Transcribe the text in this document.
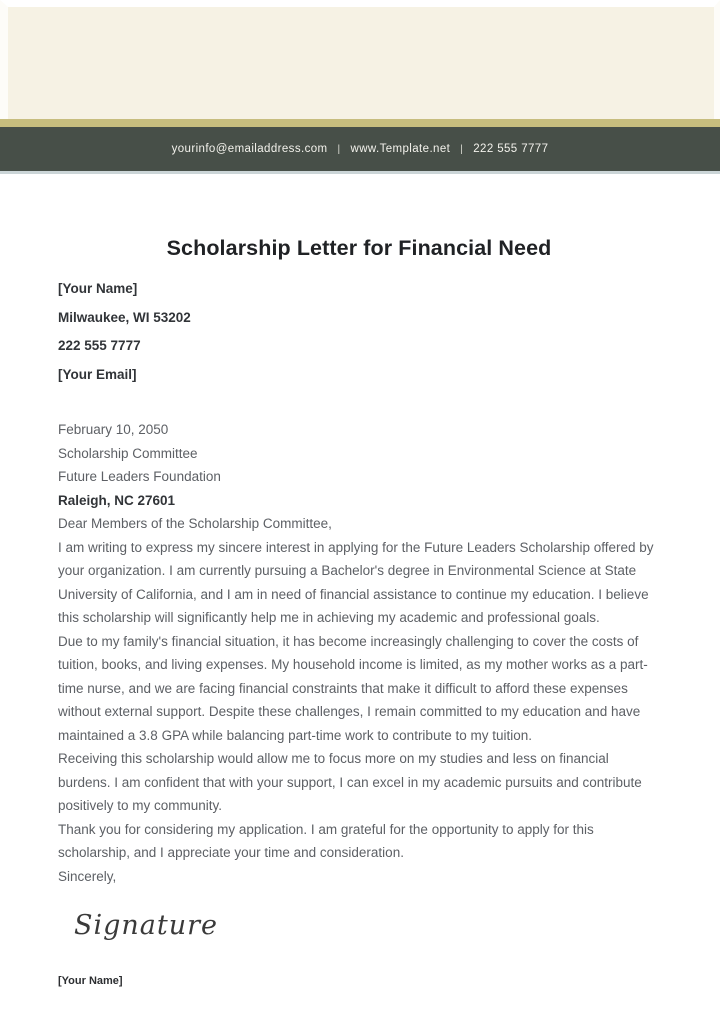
yourinfo@emailaddress.com | www.Template.net | 222 555 7777
Scholarship Letter for Financial Need

[Your Name]

Milwaukee, WI 53202

222 555 7777

[Your Email]

February 10, 2050

Scholarship Committee

Future Leaders Foundation

Raleigh, NC 27601

Dear Members of the Scholarship Committee,

I am writing to express my sincere interest in applying for the Future Leaders Scholarship offered by your organization. I am currently pursuing a Bachelor's degree in Environmental Science at State University of California, and I am in need of financial assistance to continue my education. I believe this scholarship will significantly help me in achieving my academic and professional goals.

Due to my family's financial situation, it has become increasingly challenging to cover the costs of tuition, books, and living expenses. My household income is limited, as my mother works as a part-time nurse, and we are facing financial constraints that make it difficult to afford these expenses without external support. Despite these challenges, I remain committed to my education and have maintained a 3.8 GPA while balancing part-time work to contribute to my tuition.

Receiving this scholarship would allow me to focus more on my studies and less on financial burdens. I am confident that with your support, I can excel in my academic pursuits and contribute positively to my community.

Thank you for considering my application. I am grateful for the opportunity to apply for this scholarship, and I appreciate your time and consideration.

Sincerely,

Signature

[Your Name]
